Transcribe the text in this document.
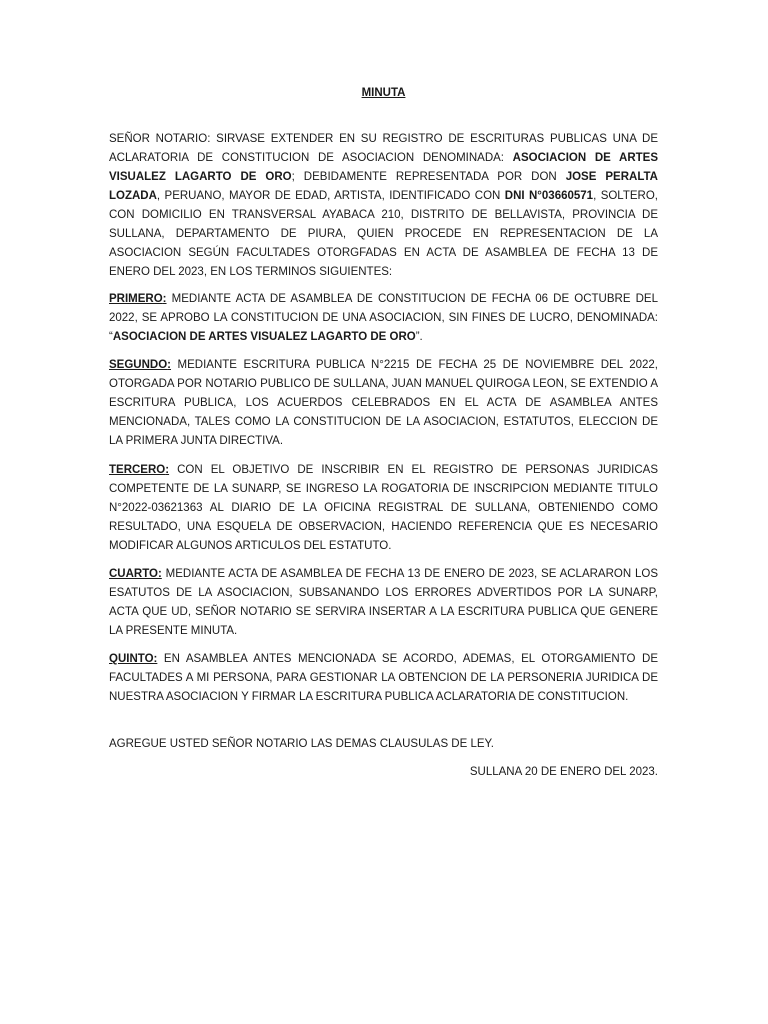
MINUTA

SEÑOR NOTARIO: SIRVASE EXTENDER EN SU REGISTRO DE ESCRITURAS PUBLICAS UNA DE ACLARATORIA DE CONSTITUCION DE ASOCIACION DENOMINADA: ASOCIACION DE ARTES VISUALEZ LAGARTO DE ORO; DEBIDAMENTE REPRESENTADA POR DON JOSE PERALTA LOZADA, PERUANO, MAYOR DE EDAD, ARTISTA, IDENTIFICADO CON DNI N°03660571, SOLTERO, CON DOMICILIO EN TRANSVERSAL AYABACA 210, DISTRITO DE BELLAVISTA, PROVINCIA DE SULLANA, DEPARTAMENTO DE PIURA, QUIEN PROCEDE EN REPRESENTACION DE LA ASOCIACION SEGÚN FACULTADES OTORGFADAS EN ACTA DE ASAMBLEA DE FECHA 13 DE ENERO DEL 2023, EN LOS TERMINOS SIGUIENTES:

PRIMERO: MEDIANTE ACTA DE ASAMBLEA DE CONSTITUCION DE FECHA 06 DE OCTUBRE DEL 2022, SE APROBO LA CONSTITUCION DE UNA ASOCIACION, SIN FINES DE LUCRO, DENOMINADA: “ASOCIACION DE ARTES VISUALEZ LAGARTO DE ORO”.

SEGUNDO: MEDIANTE ESCRITURA PUBLICA N°2215 DE FECHA 25 DE NOVIEMBRE DEL 2022, OTORGADA POR NOTARIO PUBLICO DE SULLANA, JUAN MANUEL QUIROGA LEON, SE EXTENDIO A ESCRITURA PUBLICA, LOS ACUERDOS CELEBRADOS EN EL ACTA DE ASAMBLEA ANTES MENCIONADA, TALES COMO LA CONSTITUCION DE LA ASOCIACION, ESTATUTOS, ELECCION DE LA PRIMERA JUNTA DIRECTIVA.

TERCERO: CON EL OBJETIVO DE INSCRIBIR EN EL REGISTRO DE PERSONAS JURIDICAS COMPETENTE DE LA SUNARP, SE INGRESO LA ROGATORIA DE INSCRIPCION MEDIANTE TITULO N°2022-03621363 AL DIARIO DE LA OFICINA REGISTRAL DE SULLANA, OBTENIENDO COMO RESULTADO, UNA ESQUELA DE OBSERVACION, HACIENDO REFERENCIA QUE ES NECESARIO MODIFICAR ALGUNOS ARTICULOS DEL ESTATUTO.

CUARTO: MEDIANTE ACTA DE ASAMBLEA DE FECHA 13 DE ENERO DE 2023, SE ACLARARON LOS ESATUTOS DE LA ASOCIACION, SUBSANANDO LOS ERRORES ADVERTIDOS POR LA SUNARP, ACTA QUE UD, SEÑOR NOTARIO SE SERVIRA INSERTAR A LA ESCRITURA PUBLICA QUE GENERE LA PRESENTE MINUTA.

QUINTO: EN ASAMBLEA ANTES MENCIONADA SE ACORDO, ADEMAS, EL OTORGAMIENTO DE FACULTADES A MI PERSONA, PARA GESTIONAR LA OBTENCION DE LA PERSONERIA JURIDICA DE NUESTRA ASOCIACION Y FIRMAR LA ESCRITURA PUBLICA ACLARATORIA DE CONSTITUCION.

AGREGUE USTED SEÑOR NOTARIO LAS DEMAS CLAUSULAS DE LEY.

SULLANA 20 DE ENERO DEL 2023.
